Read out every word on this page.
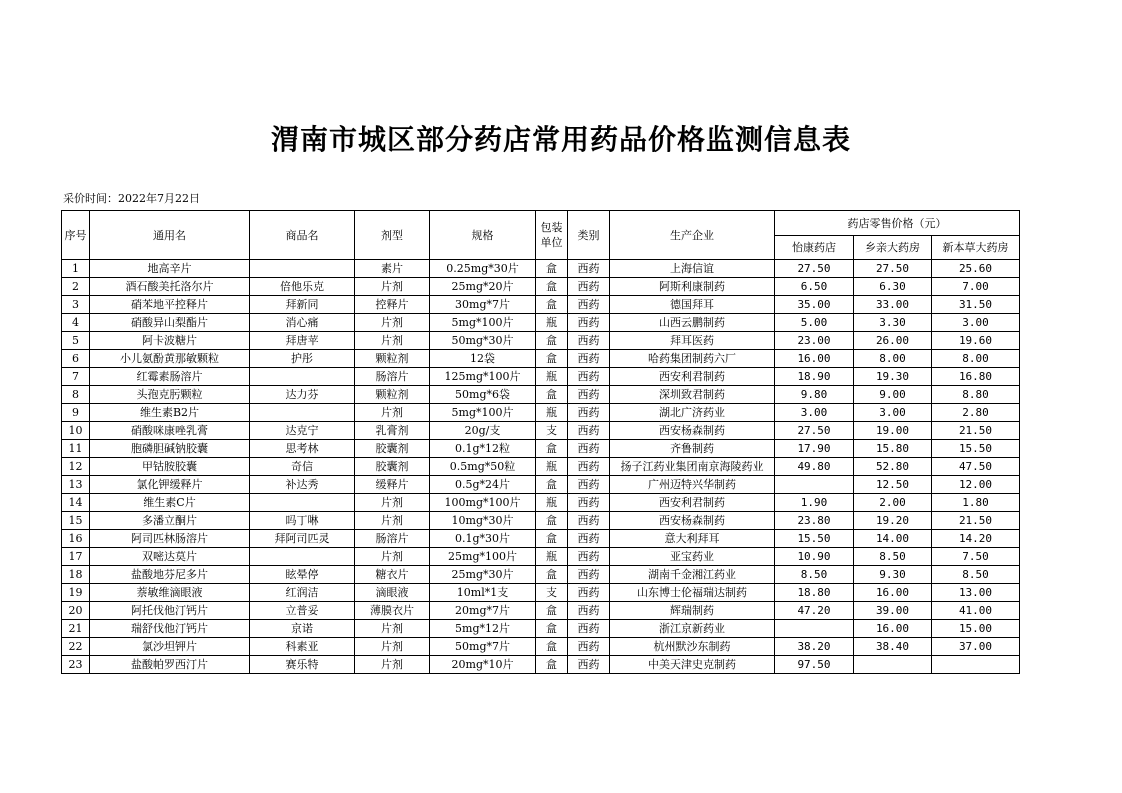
渭南市城区部分药店常用药品价格监测信息表
采价时间：2022年7月22日
序号	通用名	商品名	剂型	规格	包装单位	类别	生产企业	药店零售价格（元）		
								怡康药店	乡亲大药房	新本草大药房
1	地高辛片		素片	0.25mg*30片	盒	西药	上海信谊	27.50	27.50	25.60
2	酒石酸美托洛尔片	倍他乐克	片剂	25mg*20片	盒	西药	阿斯利康制药	6.50	6.30	7.00
3	硝苯地平控释片	拜新同	控释片	30mg*7片	盒	西药	德国拜耳	35.00	33.00	31.50
4	硝酸异山梨酯片	消心痛	片剂	5mg*100片	瓶	西药	山西云鹏制药	5.00	3.30	3.00
5	阿卡波糖片	拜唐苹	片剂	50mg*30片	盒	西药	拜耳医药	23.00	26.00	19.60
6	小儿氨酚黄那敏颗粒	护彤	颗粒剂	12袋	盒	西药	哈药集团制药六厂	16.00	8.00	8.00
7	红霉素肠溶片		肠溶片	125mg*100片	瓶	西药	西安利君制药	18.90	19.30	16.80
8	头孢克肟颗粒	达力芬	颗粒剂	50mg*6袋	盒	西药	深圳致君制药	9.80	9.00	8.80
9	维生素B2片		片剂	5mg*100片	瓶	西药	湖北广济药业	3.00	3.00	2.80
10	硝酸咪康唑乳膏	达克宁	乳膏剂	20g/支	支	西药	西安杨森制药	27.50	19.00	21.50
11	胞磷胆碱钠胶囊	思考林	胶囊剂	0.1g*12粒	盒	西药	齐鲁制药	17.90	15.80	15.50
12	甲钴胺胶囊	奇信	胶囊剂	0.5mg*50粒	瓶	西药	扬子江药业集团南京海陵药业	49.80	52.80	47.50
13	氯化钾缓释片	补达秀	缓释片	0.5g*24片	盒	西药	广州迈特兴华制药		12.50	12.00
14	维生素C片		片剂	100mg*100片	瓶	西药	西安利君制药	1.90	2.00	1.80
15	多潘立酮片	吗丁啉	片剂	10mg*30片	盒	西药	西安杨森制药	23.80	19.20	21.50
16	阿司匹林肠溶片	拜阿司匹灵	肠溶片	0.1g*30片	盒	西药	意大利拜耳	15.50	14.00	14.20
17	双嘧达莫片		片剂	25mg*100片	瓶	西药	亚宝药业	10.90	8.50	7.50
18	盐酸地芬尼多片	眩晕停	糖衣片	25mg*30片	盒	西药	湖南千金湘江药业	8.50	9.30	8.50
19	萘敏维滴眼液	红润洁	滴眼液	10ml*1支	支	西药	山东博士伦福瑞达制药	18.80	16.00	13.00
20	阿托伐他汀钙片	立普妥	薄膜衣片	20mg*7片	盒	西药	辉瑞制药	47.20	39.00	41.00
21	瑞舒伐他汀钙片	京诺	片剂	5mg*12片	盒	西药	浙江京新药业		16.00	15.00
22	氯沙坦钾片	科素亚	片剂	50mg*7片	盒	西药	杭州默沙东制药	38.20	38.40	37.00
23	盐酸帕罗西汀片	赛乐特	片剂	20mg*10片	盒	西药	中美天津史克制药	97.50		
